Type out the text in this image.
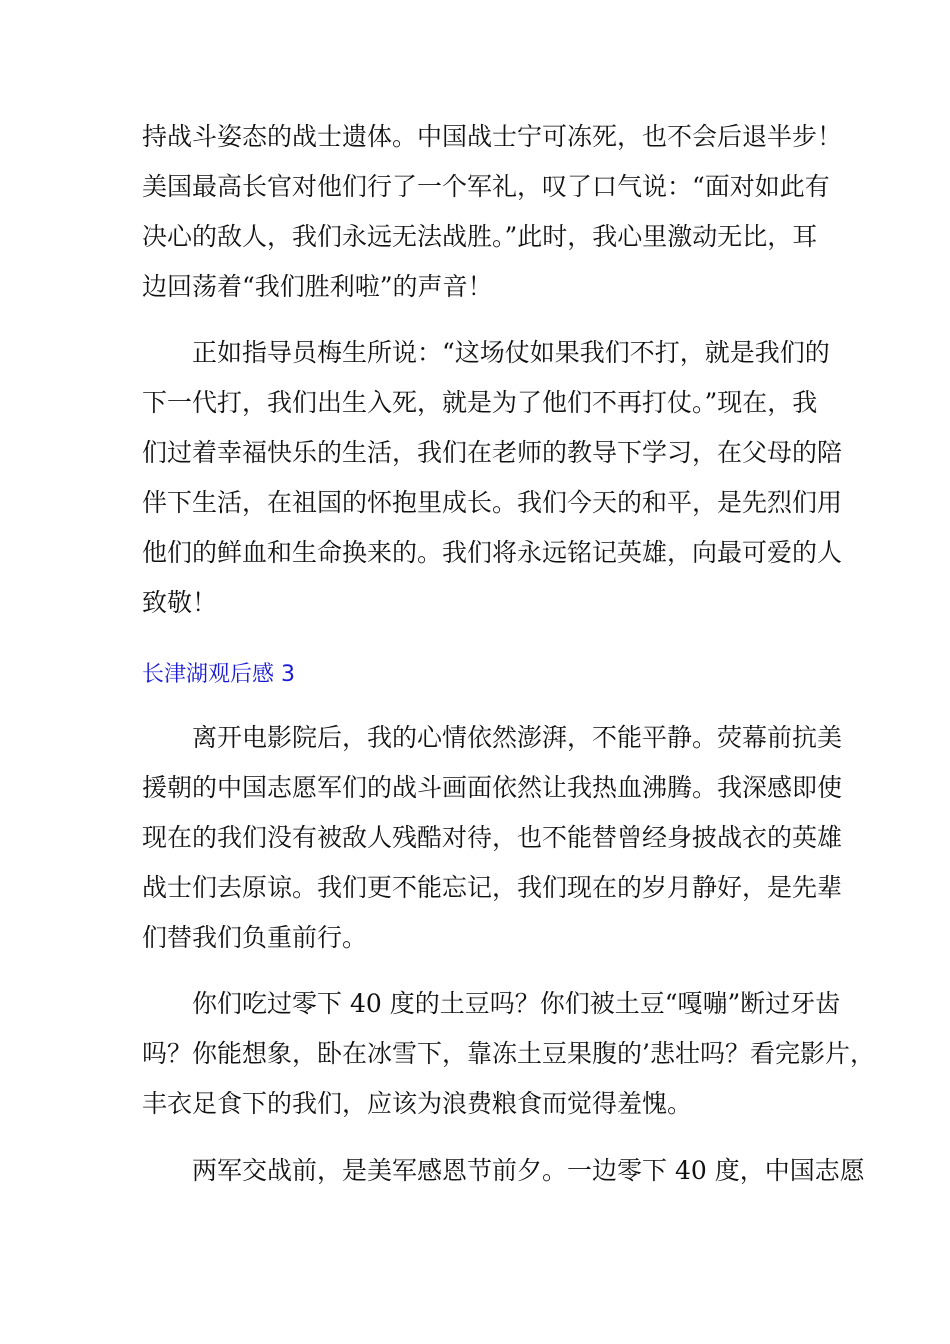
持战斗姿态的战士遗体。中国战士宁可冻死，也不会后退半步！
美国最高长官对他们行了一个军礼，叹了口气说：“面对如此有
决心的敌人，我们永远无法战胜。”此时，我心里激动无比，耳
边回荡着“我们胜利啦”的声音！
正如指导员梅生所说：“这场仗如果我们不打，就是我们的
下一代打，我们出生入死，就是为了他们不再打仗。”现在，我
们过着幸福快乐的生活，我们在老师的教导下学习，在父母的陪
伴下生活，在祖国的怀抱里成长。我们今天的和平，是先烈们用
他们的鲜血和生命换来的。我们将永远铭记英雄，向最可爱的人
致敬！
长津湖观后感 3
离开电影院后，我的心情依然澎湃，不能平静。荧幕前抗美
援朝的中国志愿军们的战斗画面依然让我热血沸腾。我深感即使
现在的我们没有被敌人残酷对待，也不能替曾经身披战衣的英雄
战士们去原谅。我们更不能忘记，我们现在的岁月静好，是先辈
们替我们负重前行。
你们吃过零下 40 度的土豆吗？你们被土豆“嘎嘣”断过牙齿
吗？你能想象，卧在冰雪下，靠冻土豆果腹的’悲壮吗？看完影片，
丰衣足食下的我们，应该为浪费粮食而觉得羞愧。
两军交战前，是美军感恩节前夕。一边零下 40 度，中国志愿
